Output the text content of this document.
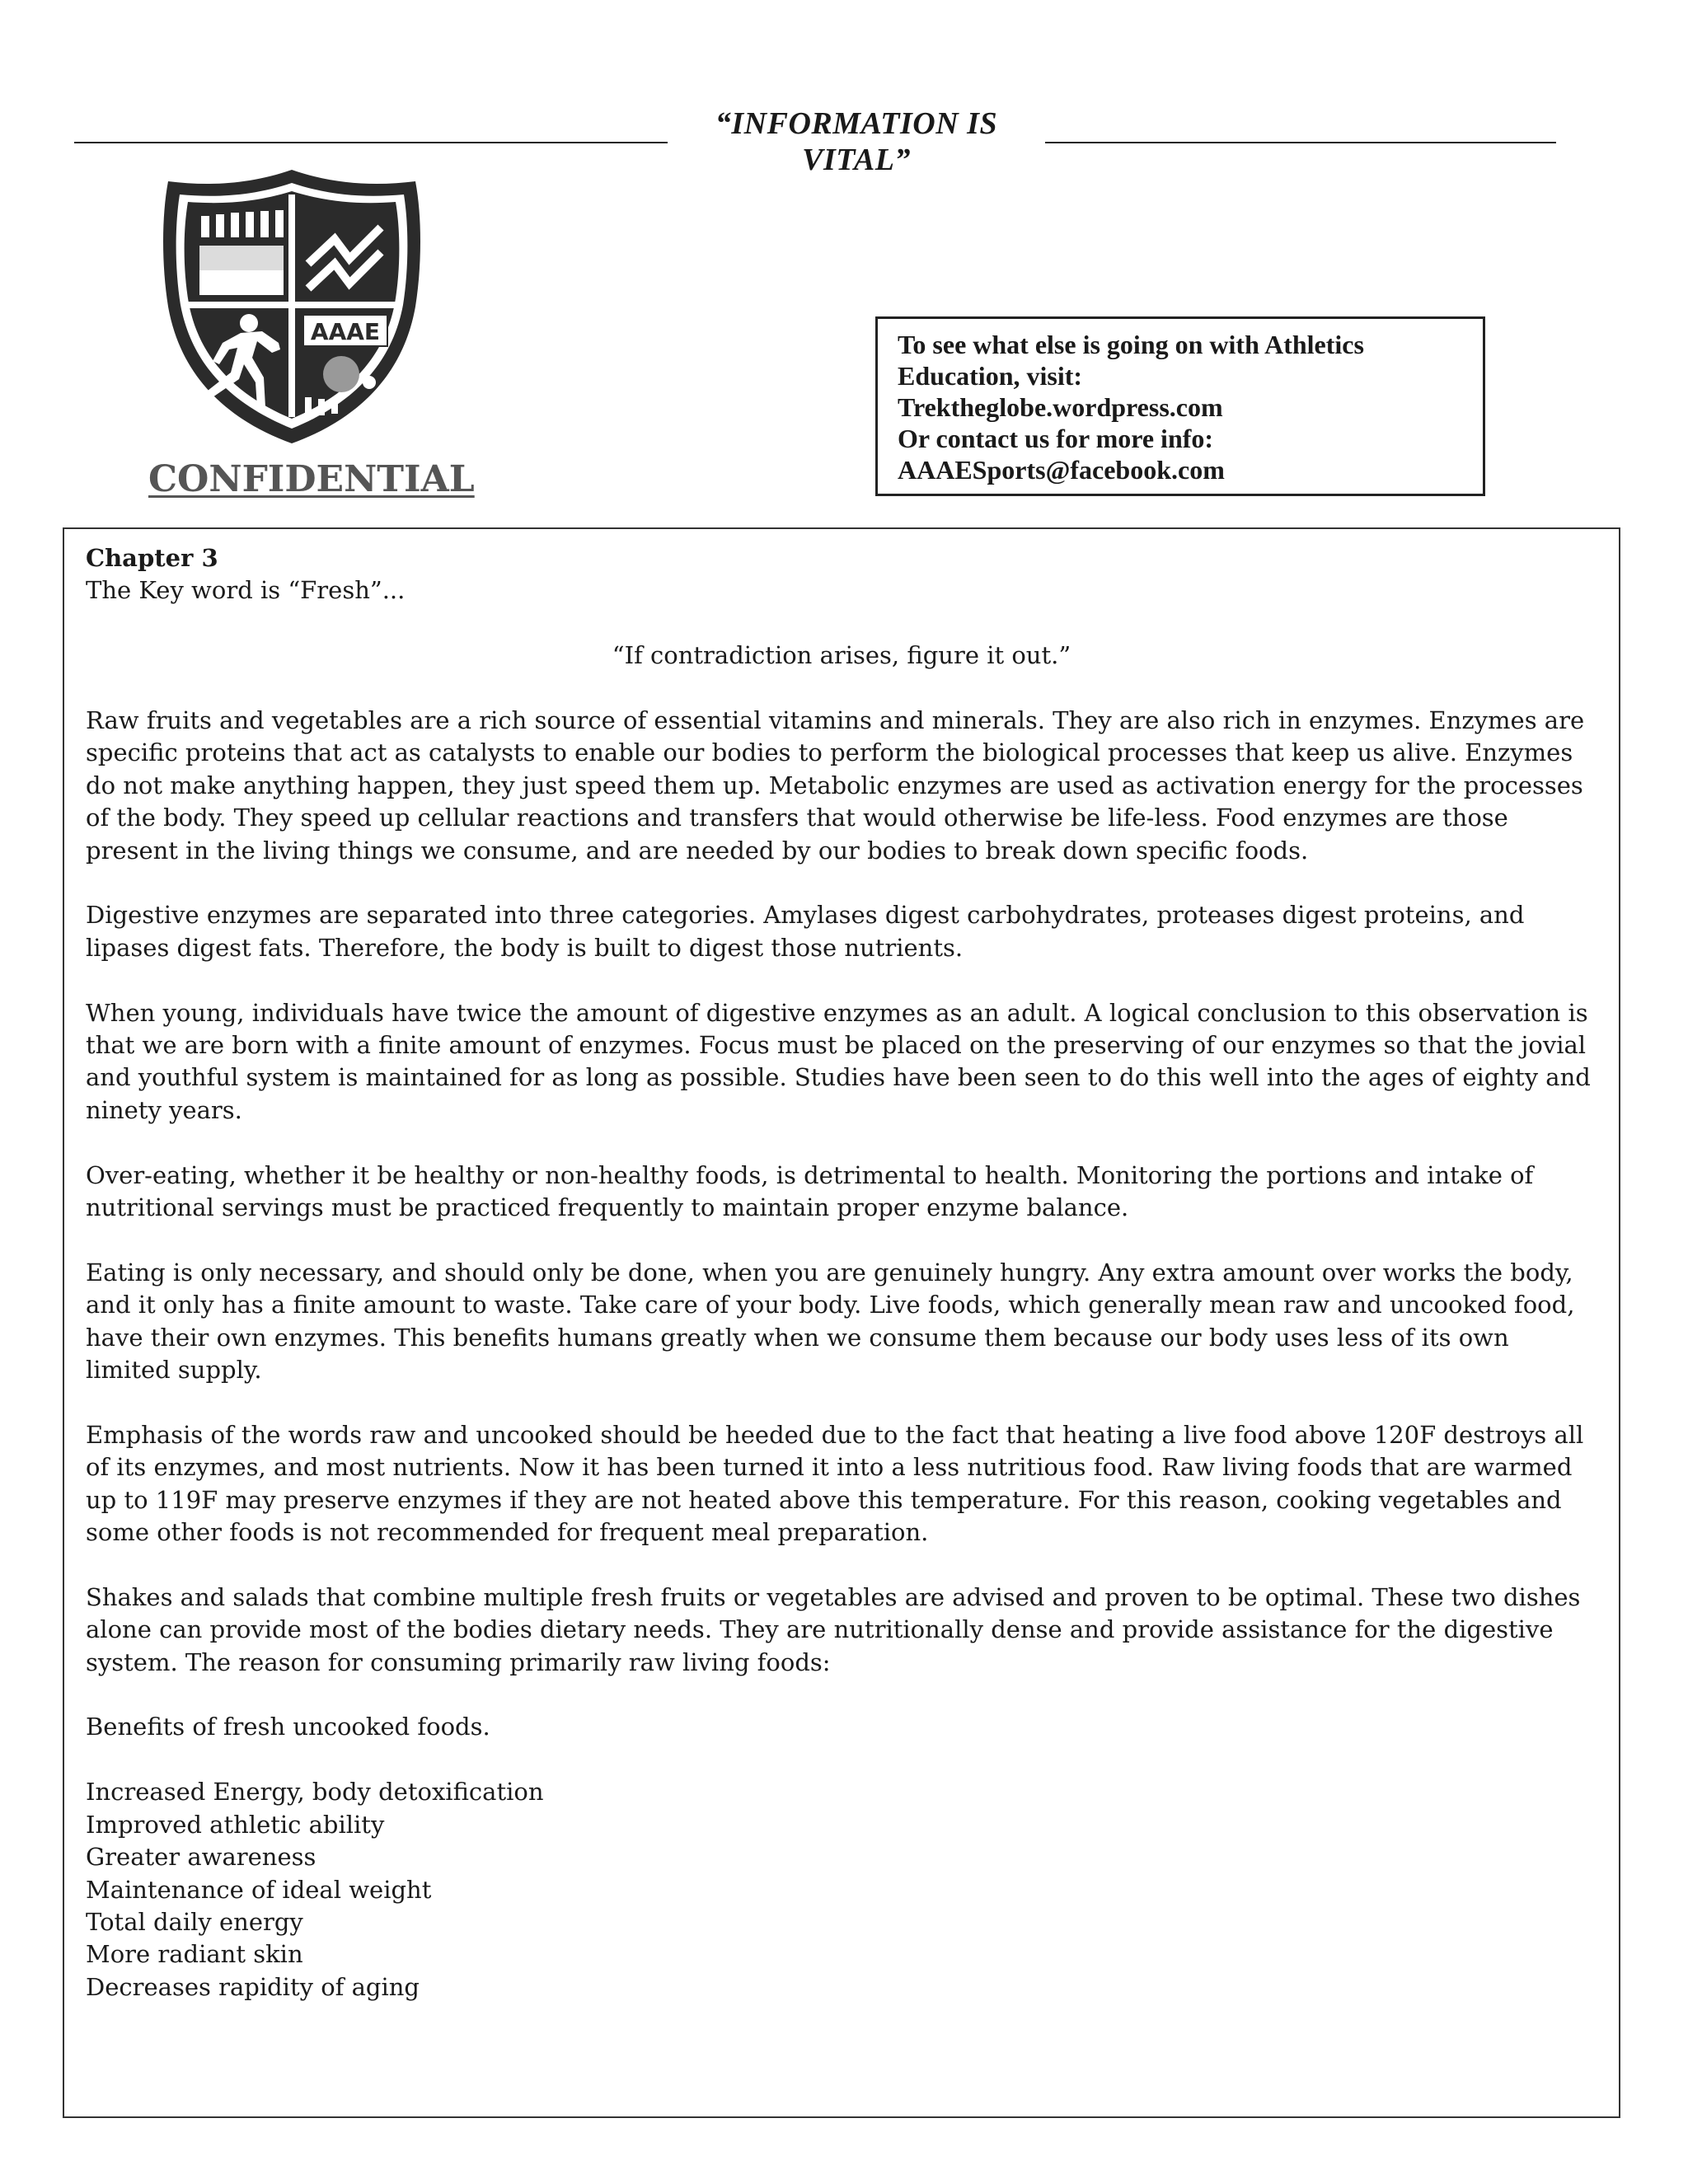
“INFORMATION IS VITAL”
AAAE
CONFIDENTIAL
To see what else is going on with Athletics
Education, visit:
Trektheglobe.wordpress.com
Or contact us for more info:
AAAESports@facebook.com
Chapter 3

The Key word is “Fresh”...

“If contradiction arises, figure it out.”

Raw fruits and vegetables are a rich source of essential vitamins and minerals. They are also rich in enzymes. Enzymes are specific proteins that act as catalysts to enable our bodies to perform the biological processes that keep us alive. Enzymes do not make anything happen, they just speed them up. Metabolic enzymes are used as activation energy for the processes of the body. They speed up cellular reactions and transfers that would otherwise be life-less. Food enzymes are those present in the living things we consume, and are needed by our bodies to break down specific foods.

Digestive enzymes are separated into three categories. Amylases digest carbohydrates, proteases digest proteins, and lipases digest fats. Therefore, the body is built to digest those nutrients.

When young, individuals have twice the amount of digestive enzymes as an adult. A logical conclusion to this observation is that we are born with a finite amount of enzymes. Focus must be placed on the preserving of our enzymes so that the jovial and youthful system is maintained for as long as possible. Studies have been seen to do this well into the ages of eighty and ninety years.

Over-eating, whether it be healthy or non-healthy foods, is detrimental to health. Monitoring the portions and intake of nutritional servings must be practiced frequently to maintain proper enzyme balance.

Eating is only necessary, and should only be done, when you are genuinely hungry. Any extra amount over works the body, and it only has a finite amount to waste. Take care of your body. Live foods, which generally mean raw and uncooked food, have their own enzymes. This benefits humans greatly when we consume them because our body uses less of its own limited supply.

Emphasis of the words raw and uncooked should be heeded due to the fact that heating a live food above 120F destroys all of its enzymes, and most nutrients. Now it has been turned it into a less nutritious food. Raw living foods that are warmed up to 119F may preserve enzymes if they are not heated above this temperature. For this reason, cooking vegetables and some other foods is not recommended for frequent meal preparation.

Shakes and salads that combine multiple fresh fruits or vegetables are advised and proven to be optimal. These two dishes alone can provide most of the bodies dietary needs. They are nutritionally dense and provide assistance for the digestive system. The reason for consuming primarily raw living foods:

Benefits of fresh uncooked foods.

Increased Energy, body detoxification
Improved athletic ability
Greater awareness
Maintenance of ideal weight
Total daily energy
More radiant skin
Decreases rapidity of aging
